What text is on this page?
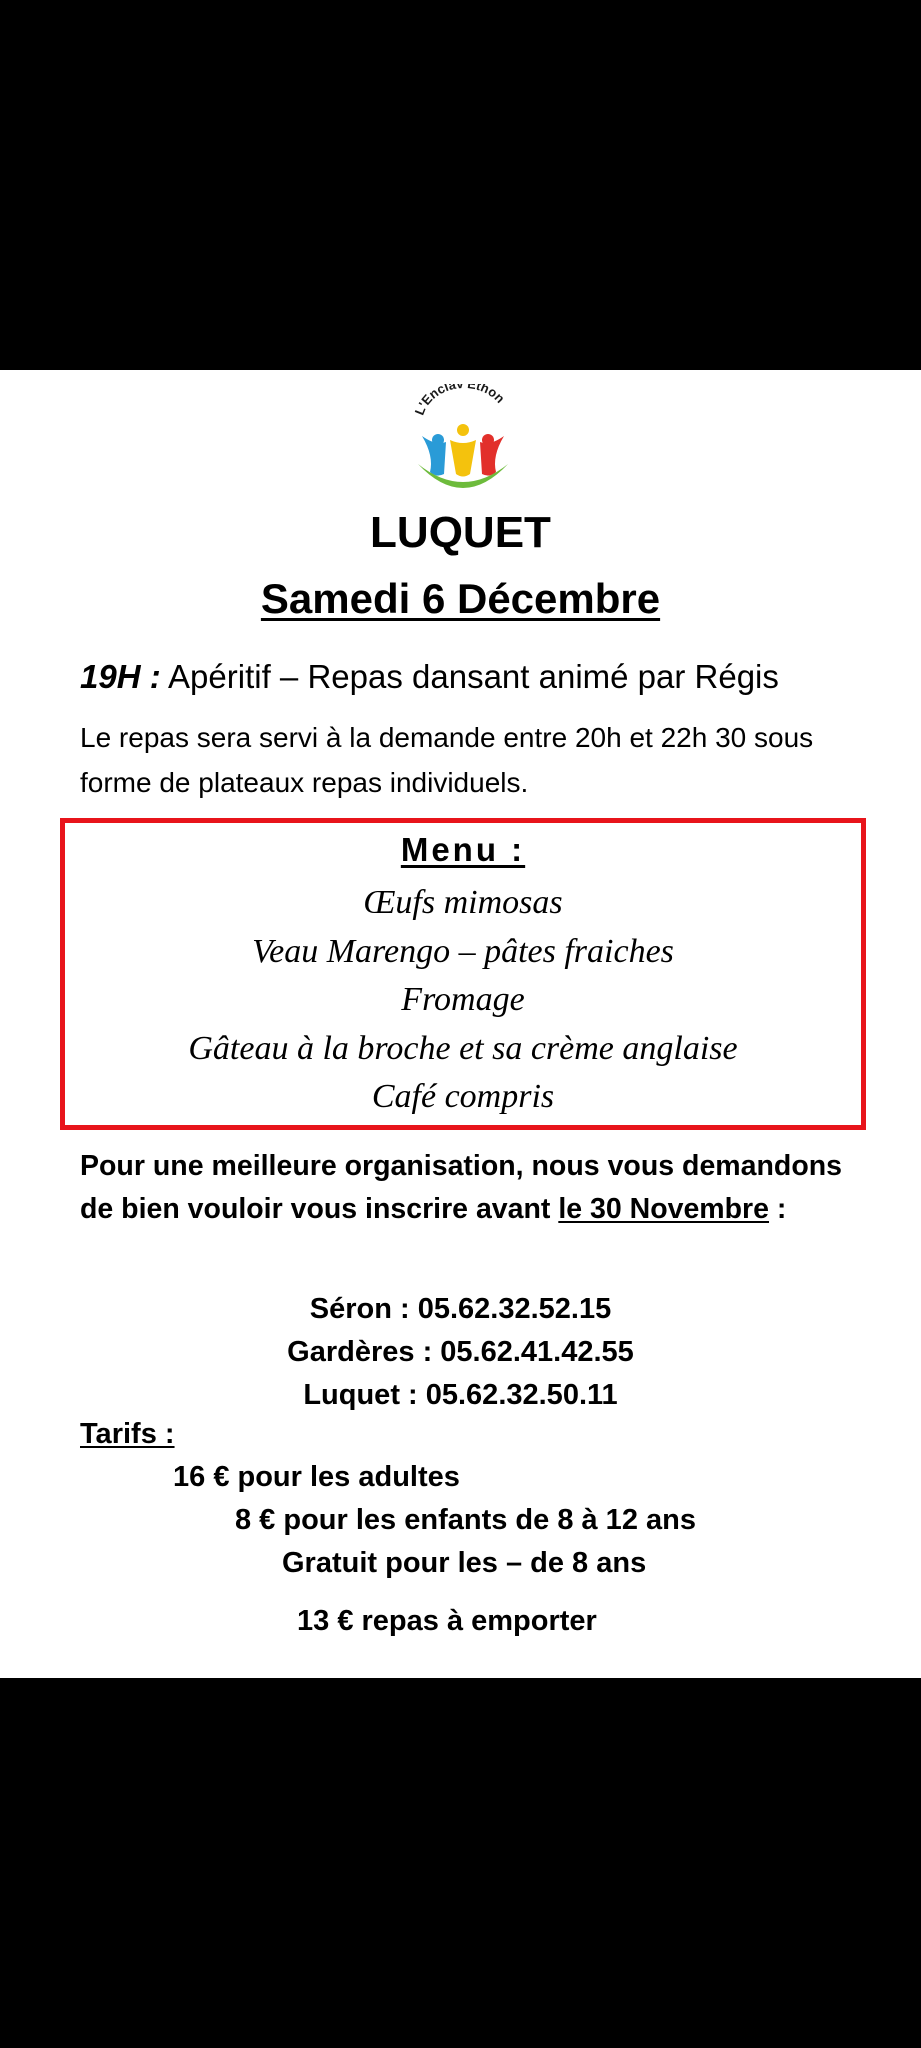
L'Encla Ethon
LUQUET
Samedi 6 Décembre
19H : Apéritif – Repas dansant animé par Régis
Le repas sera servi à la demande entre 20h et 22h 30 sous forme de plateaux repas individuels.
Menu :
Œufs mimosas
Veau Marengo – pâtes fraiches
Fromage
Gâteau à la broche et sa crème anglaise
Café compris
Pour une meilleure organisation, nous vous demandons de bien vouloir vous inscrire avant le 30 Novembre :
Séron : 05.62.32.52.15
Gardères : 05.62.41.42.55
Luquet : 05.62.32.50.11
Tarifs :
16 € pour les adultes
8 € pour les enfants de 8 à 12 ans
Gratuit pour les – de 8 ans
13 € repas à emporter
